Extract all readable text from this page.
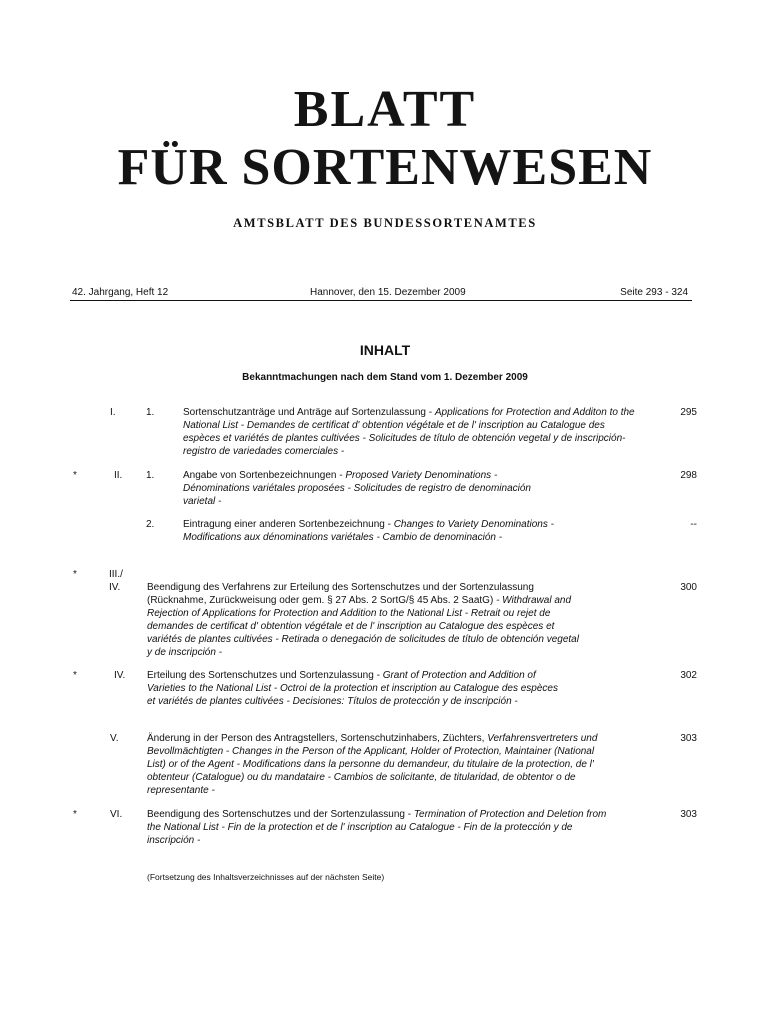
BLATT
FÜR SORTENWESEN
AMTSBLATT DES BUNDESSORTENAMTES
42. Jahrgang, Heft 12	Hannover, den 15. Dezember 2009	Seite 293 - 324
INHALT
Bekanntmachungen nach dem Stand vom 1. Dezember 2009
I.	1.	Sortenschutzanträge und Anträge auf Sortenzulassung - Applications for Protection and Additon to the National List - Demandes de certificat d' obtention végétale et de l' inscription au Catalogue des espèces et variétés de plantes cultivées - Solicitudes de título de obtención vegetal y de inscripción-registro de variedades comerciales -
295
*	II. 1.	Angabe von Sortenbezeichnungen - Proposed Variety Denominations - Dénominations variétales proposées - Solicitudes de registro de denominación varietal -
298
2.	Eintragung einer anderen Sortenbezeichnung - Changes to Variety Denominations - Modifications aux dénominations variétales - Cambio de denominación -
--
*	III./
IV.	Beendigung des Verfahrens zur Erteilung des Sortenschutzes und der Sortenzulassung (Rücknahme, Zurückweisung oder gem. § 27 Abs. 2 SortG/§ 45 Abs. 2 SaatG) - Withdrawal and Rejection of Applications for Protection and Addition to the National List - Retrait ou rejet de demandes de certificat d' obtention végétale et de l' inscription au Catalogue des espèces et variétés de plantes cultivées - Retirada o denegación de solicitudes de título de obtención vegetal y de inscripción -
300
*	IV. Erteilung des Sortenschutzes und Sortenzulassung - Grant of Protection and Addition of Varieties to the National List - Octroi de la protection et inscription au Catalogue des espèces et variétés de plantes cultivées - Decisiones: Títulos de protección y de inscripción -
302
V.	Änderung in der Person des Antragstellers, Sortenschutzinhabers, Züchters, Verfahrensvertreters und Bevollmächtigten - Changes in the Person of the Applicant, Holder of Protection, Maintainer (National List) or of the Agent - Modifications dans la personne du demandeur, du titulaire de la protection, de l' obtenteur (Catalogue) ou du mandataire - Cambios de solicitante, de titularidad, de obtentor o de representante -
303
*	VI. Beendigung des Sortenschutzes und der Sortenzulassung - Termination of Protection and Deletion from the National List - Fin de la protection et de l' inscription au Catalogue - Fin de la protección y de inscripción -
303
(Fortsetzung des Inhaltsverzeichnisses auf der nächsten Seite)
